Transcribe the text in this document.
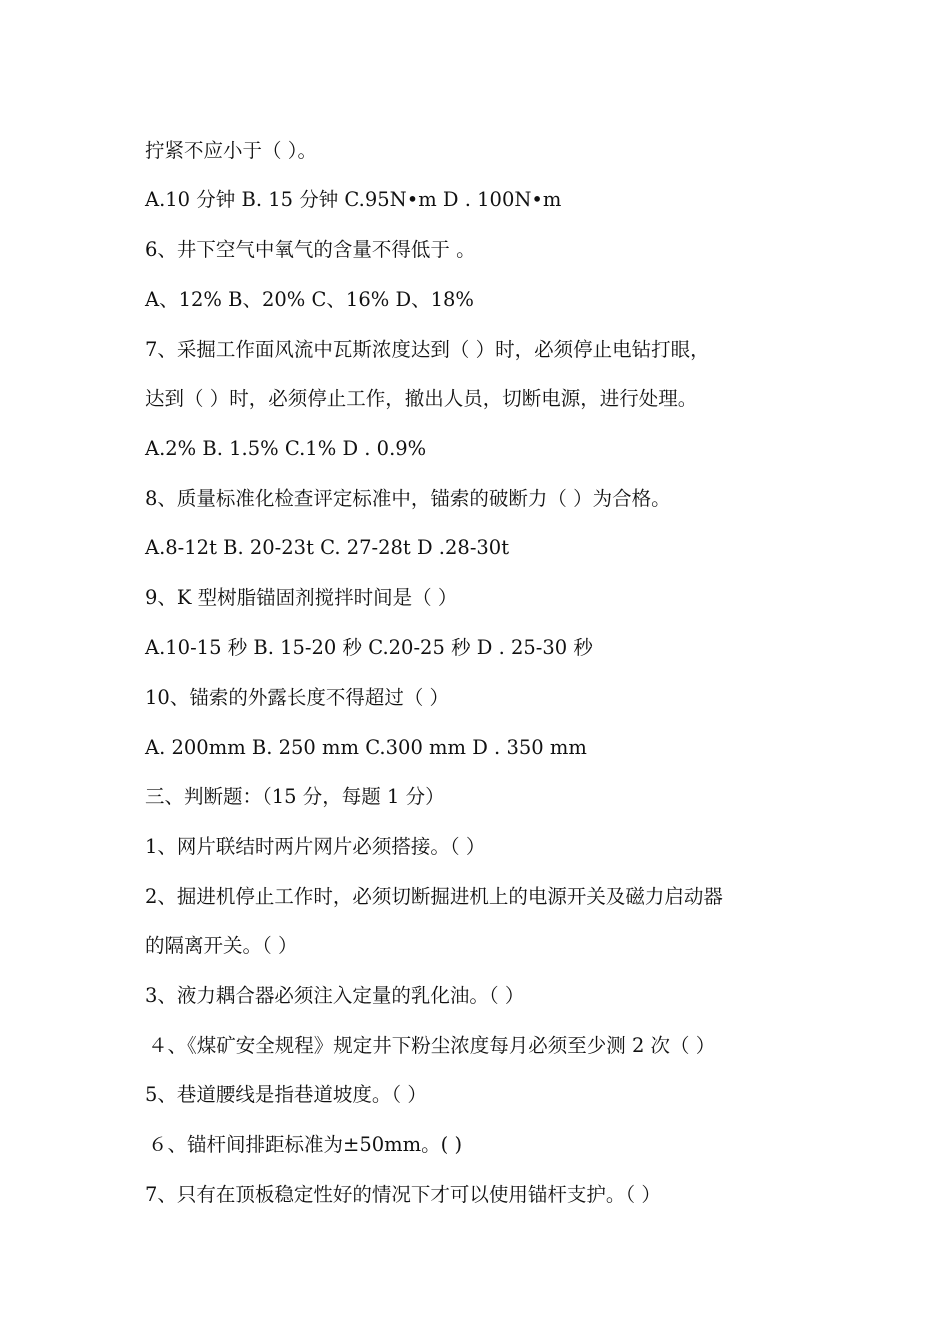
拧紧不应小于（ ）。
A.10 分钟 B. 15 分钟 C.95N•m D . 100N•m
6、井下空气中氧气的含量不得低于 。
A、12% B、20% C、16% D、18%
7、采掘工作面风流中瓦斯浓度达到（ ）时，必须停止电钻打眼，
达到（ ）时，必须停止工作，撤出人员，切断电源，进行处理。
A.2% B. 1.5% C.1% D . 0.9%
8、质量标准化检查评定标准中，锚索的破断力（ ）为合格。
A.8-12t B. 20-23t C. 27-28t D .28-30t
9、K 型树脂锚固剂搅拌时间是（ ）
A.10-15 秒 B. 15-20 秒 C.20-25 秒 D . 25-30 秒
10、锚索的外露长度不得超过（ ）
A. 200mm B. 250 mm C.300 mm D . 350 mm
三、判断题：（15 分，每题 1 分）
1、网片联结时两片网片必须搭接。（ ）
2、掘进机停止工作时，必须切断掘进机上的电源开关及磁力启动器
的隔离开关。（ ）
3、液力耦合器必须注入定量的乳化油。（ ）
４、《煤矿安全规程》规定井下粉尘浓度每月必须至少测 2 次（ ）
5、巷道腰线是指巷道坡度。（ ）
６、锚杆间排距标准为±50mm。( )
7、只有在顶板稳定性好的情况下才可以使用锚杆支护。（ ）
